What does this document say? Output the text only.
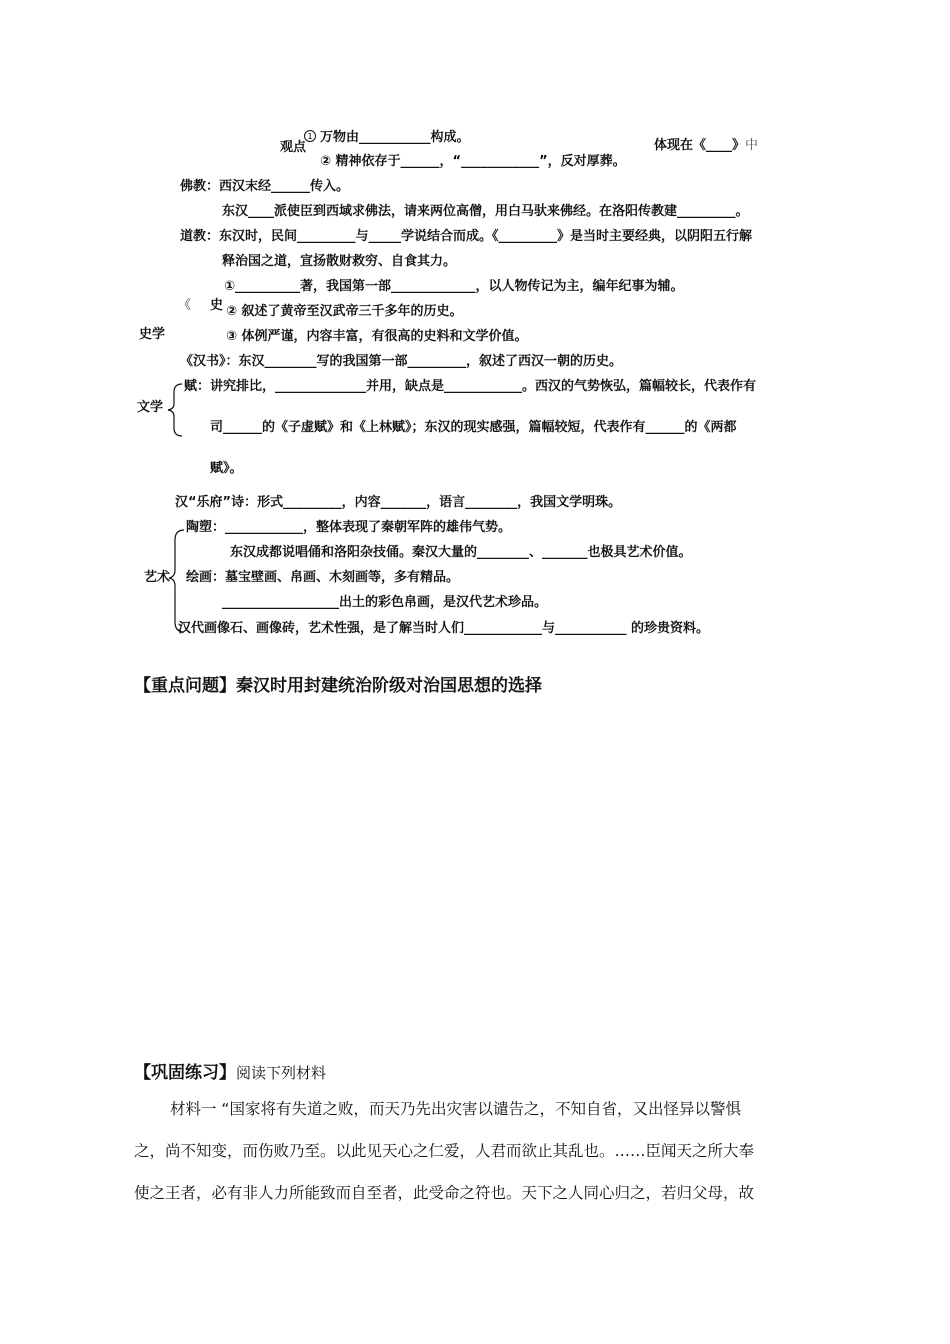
观点
1 万物由___________构成。
② 精神依存于______，“____________”，反对厚葬。
体现在《____》中
佛教：西汉末经______传入。
东汉____派使臣到西域求佛法，请来两位高僧，用白马驮来佛经。在洛阳传教建_________。
道教：东汉时，民间_________与_____学说结合而成。《_________》是当时主要经典，以阴阳五行解
释治国之道，宣扬散财救穷、自食其力。
①__________著，我国第一部_____________，以人物传记为主，编年纪事为辅。
《 史 ② 叙述了黄帝至汉武帝三千多年的历史。
史学	③ 体例严谨，内容丰富，有很高的史料和文学价值。
《汉书》：东汉________写的我国第一部_________，叙述了西汉一朝的历史。
文学
赋：讲究排比，______________并用，缺点是____________。西汉的气势恢弘，篇幅较长，代表作有
司______的《子虚赋》和《上林赋》；东汉的现实感强，篇幅较短，代表作有______的《两都
赋》。
汉“乐府”诗：形式_________，内容_______，语言________，我国文学明珠。
艺术
陶塑：____________，整体表现了秦朝军阵的雄伟气势。
东汉成都说唱俑和洛阳杂技俑。秦汉大量的________、_______也极具艺术价值。
绘画：墓宝壁画、帛画、木刻画等，多有精品。
__________________出土的彩色帛画，是汉代艺术珍品。
汉代画像石、画像砖，艺术性强，是了解当时人们____________与___________ 的珍贵资料。
【重点问题】秦汉时用封建统治阶级对治国思想的选择
【巩固练习】阅读下列材料
材料一 “国家将有失道之败，而天乃先出灾害以谴告之，不知自省，又出怪异以警惧
之，尚不知变，而伤败乃至。以此见天心之仁爱，人君而欲止其乱也。……臣闻天之所大奉
使之王者，必有非人力所能致而自至者，此受命之符也。天下之人同心归之，若归父母，故
